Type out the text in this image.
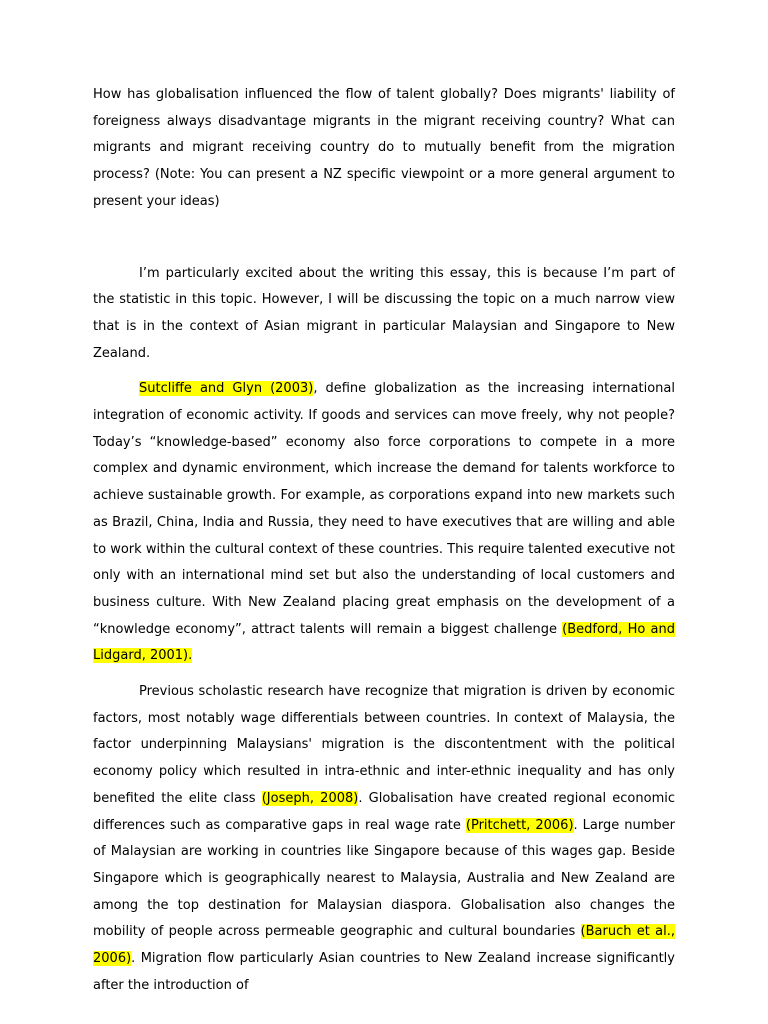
How has globalisation influenced the flow of talent globally? Does migrants' liability of foreigness always disadvantage migrants in the migrant receiving country? What can migrants and migrant receiving country do to mutually benefit from the migration process? (Note: You can present a NZ specific viewpoint or a more general argument to present your ideas)

I’m particularly excited about the writing this essay, this is because I’m part of the statistic in this topic. However, I will be discussing the topic on a much narrow view that is in the context of Asian migrant in particular Malaysian and Singapore to New Zealand.

Sutcliffe and Glyn (2003), define globalization as the increasing international integration of economic activity. If goods and services can move freely, why not people? Today’s “knowledge-based” economy also force corporations to compete in a more complex and dynamic environment, which increase the demand for talents workforce to achieve sustainable growth. For example, as corporations expand into new markets such as Brazil, China, India and Russia, they need to have executives that are willing and able to work within the cultural context of these countries. This require talented executive not only with an international mind set but also the understanding of local customers and business culture. With New Zealand placing great emphasis on the development of a “knowledge economy”, attract talents will remain a biggest challenge (Bedford, Ho and Lidgard, 2001).

Previous scholastic research have recognize that migration is driven by economic factors, most notably wage differentials between countries. In context of Malaysia, the factor underpinning Malaysians' migration is the discontentment with the political economy policy which resulted in intra-ethnic and inter-ethnic inequality and has only benefited the elite class (Joseph, 2008). Globalisation have created regional economic differences such as comparative gaps in real wage rate (Pritchett, 2006). Large number of Malaysian are working in countries like Singapore because of this wages gap. Beside Singapore which is geographically nearest to Malaysia, Australia and New Zealand are among the top destination for Malaysian diaspora. Globalisation also changes the mobility of people across permeable geographic and cultural boundaries (Baruch et al., 2006). Migration flow particularly Asian countries to New Zealand increase significantly after the introduction of
